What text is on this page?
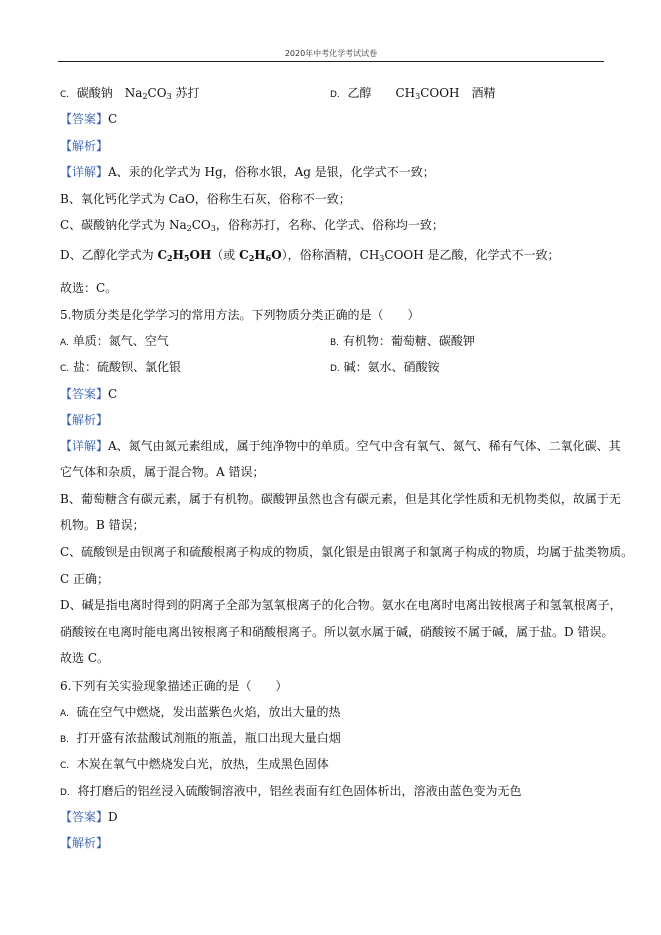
2020年中考化学考试试卷
C. 碳酸钠　$Na_2CO_3$ 苏打	D. 乙醇　　$CH_3COOH$　酒精
【答案】C
【解析】
【详解】A、汞的化学式为 Hg，俗称水银，Ag 是银，化学式不一致；
B、氧化钙化学式为 CaO，俗称生石灰，俗称不一致；
C、碳酸钠化学式为 $Na_2CO_3$，俗称苏打，名称、化学式、俗称均一致；
D、乙醇化学式为 $C_2H_5OH$（或 $C_2H_6O$），俗称酒精，$CH_3COOH$ 是乙酸，化学式不一致；
故选：C。
5.物质分类是化学学习的常用方法。下列物质分类正确的是（　　）
A. 单质：氮气、空气	B. 有机物：葡萄糖、碳酸钾
C. 盐：硫酸钡、氯化银	D. 碱：氨水、硝酸铵
【答案】C
【解析】
【详解】A、氮气由氮元素组成，属于纯净物中的单质。空气中含有氧气、氮气、稀有气体、二氧化碳、其
它气体和杂质，属于混合物。A 错误；
B、葡萄糖含有碳元素，属于有机物。碳酸钾虽然也含有碳元素，但是其化学性质和无机物类似，故属于无
机物。B 错误；
C、硫酸钡是由钡离子和硫酸根离子构成的物质，氯化银是由银离子和氯离子构成的物质，均属于盐类物质。
C 正确；
D、碱是指电离时得到的阴离子全部为氢氧根离子的化合物。氨水在电离时电离出铵根离子和氢氧根离子，
硝酸铵在电离时能电离出铵根离子和硝酸根离子。所以氨水属于碱，硝酸铵不属于碱，属于盐。D 错误。
故选 C。
6.下列有关实验现象描述正确的是（　　）
A. 硫在空气中燃烧，发出蓝紫色火焰，放出大量的热
B. 打开盛有浓盐酸试剂瓶的瓶盖，瓶口出现大量白烟
C. 木炭在氧气中燃烧发白光，放热，生成黑色固体
D. 将打磨后的铝丝浸入硫酸铜溶液中，铝丝表面有红色固体析出，溶液由蓝色变为无色
【答案】D
【解析】
